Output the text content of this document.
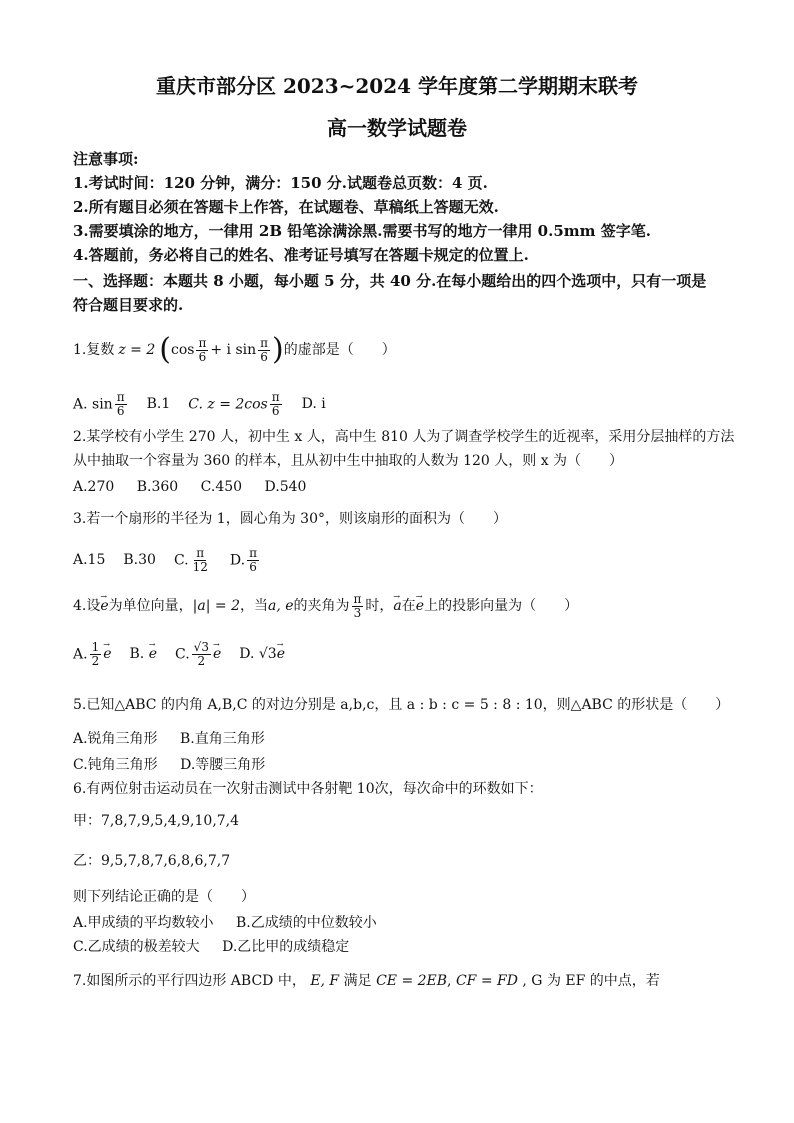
重庆市部分区 2023~2024 学年度第二学期期末联考
高一数学试题卷
注意事项:
1.考试时间：120 分钟，满分：150 分.试题卷总页数：4 页.
2.所有题目必须在答题卡上作答，在试题卷、草稿纸上答题无效.
3.需要填涂的地方，一律用 2B 铅笔涂满涂黑.需要书写的地方一律用 0.5mm 签字笔.
4.答题前，务必将自己的姓名、准考证号填写在答题卡规定的位置上.
一、选择题：本题共 8 小题，每小题 5 分，共 40 分.在每小题给出的四个选项中，只有一项是
符合题目要求的.
1.复数 z = 2 ( $\cos \frac{\pi}{6} + i$ $\sin \frac{\pi}{6}$ ) 的虚部是（　　）
A. $\sin \frac{\pi}{6} B.1$ C. $z = 2\cos \frac{\pi}{6} D$. i
2.某学校有小学生 270 人，初中生 x 人，高中生 810 人为了调查学校学生的近视率，采用分层抽样的方法
从中抽取一个容量为 360 的样本，且从初中生中抽取的人数为 120 人，则 x 为（　　）
A.270 B.360 C.450 D.540
3.若一个扇形的半径为 1，圆心角为 30°，则该扇形的面积为（　　）
A.15 B.30 C. $\frac{\pi}{12} D$. $\frac{\pi}{6}$
4.设
→ e 为单位向量， |a| = 2 ，当 a, e 的夹角为 $\frac{\pi}{3}$ 时，
→ a 在
→ e 上的投影向量为（　　）
A. $\frac{1}{2}$
→ e B. → e C. $\frac{√3}{2}$
→ e D. √3→ e
5.已知△ABC 的内角 A,B,C 的对边分别是 a,b,c，且 a : b : c = 5 : 8 : 10，则△ABC 的形状是（　　）
A.锐角三角形 B.直角三角形
C.钝角三角形 D.等腰三角形
6.有两位射击运动员在一次射击测试中各射靶 10次，每次命中的环数如下：
甲：7,8,7,9,5,4,9,10,7,4
乙：9,5,7,8,7,6,8,6,7,7
则下列结论正确的是（　　）
A.甲成绩的平均数较小 B.乙成绩的中位数较小
C.乙成绩的极差较大 D.乙比甲的成绩稳定
7.如图所示的平行四边形 ABCD 中， E, F 满足 CE = 2EB, CF = FD , G 为 EF 的中点，若
